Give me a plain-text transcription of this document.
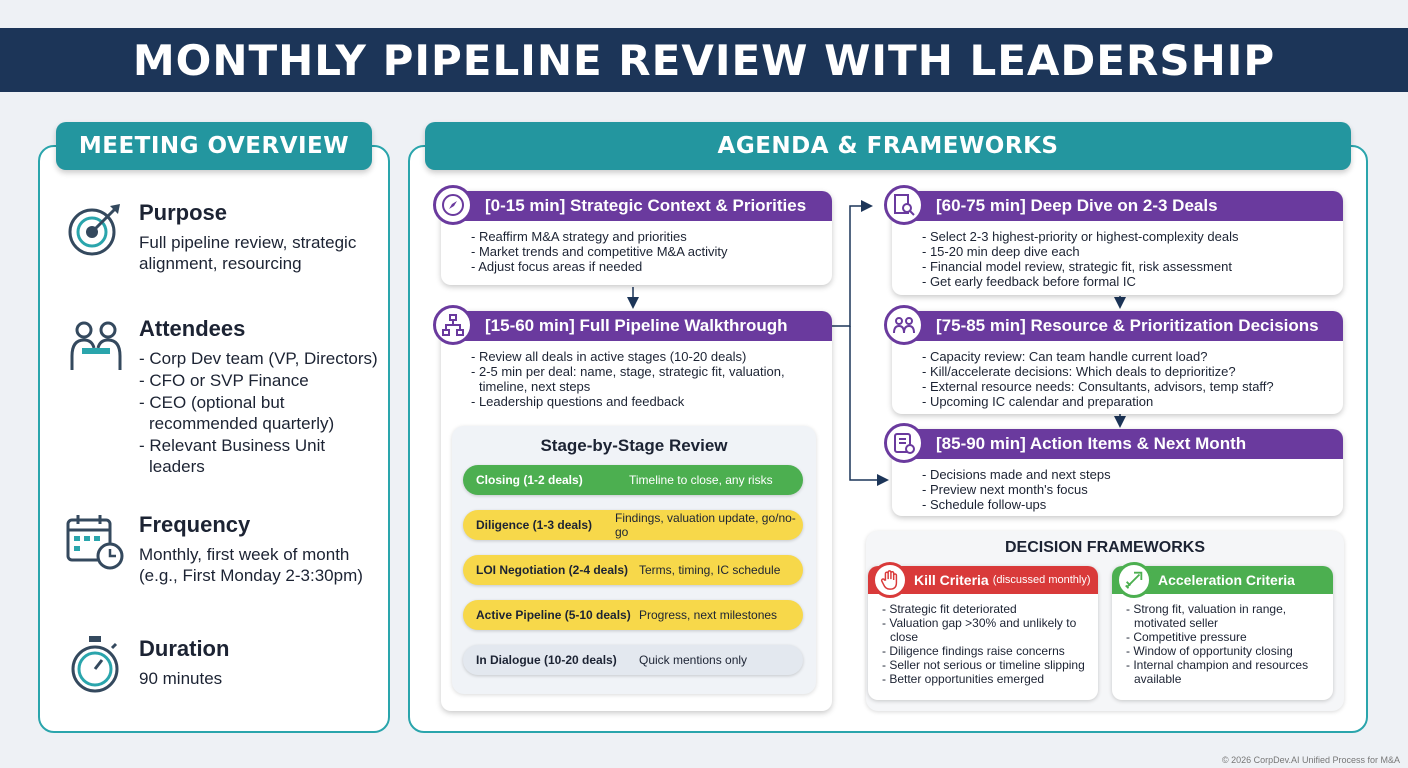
MONTHLY PIPELINE REVIEW WITH LEADERSHIP
MEETING OVERVIEW
Purpose
Full pipeline review, strategic
alignment, resourcing
Attendees
- Corp Dev team (VP, Directors)
- CFO or SVP Finance
- CEO (optional but recommended quarterly)
- Relevant Business Unit leaders
Frequency
Monthly, first week of month
(e.g., First Monday 2-3:30pm)
Duration
90 minutes
AGENDA & FRAMEWORKS
[0-15 min] Strategic Context & Priorities
- Reaffirm M&A strategy and priorities
- Market trends and competitive M&A activity
- Adjust focus areas if needed
[15-60 min] Full Pipeline Walkthrough
- Review all deals in active stages (10-20 deals)
- 2-5 min per deal: name, stage, strategic fit, valuation, timeline, next steps
- Leadership questions and feedback
Stage-by-Stage Review
Closing (1-2 deals)	Timeline to close, any risks
Diligence (1-3 deals) Findings, valuation update, go/no-go
LOI Negotiation (2-4 deals) Terms, timing, IC schedule
Active Pipeline (5-10 deals) Progress, next milestones
In Dialogue (10-20 deals) Quick mentions only
[60-75 min] Deep Dive on 2-3 Deals
- Select 2-3 highest-priority or highest-complexity deals
- 15-20 min deep dive each
- Financial model review, strategic fit, risk assessment
- Get early feedback before formal IC
[75-85 min] Resource & Prioritization Decisions
- Capacity review: Can team handle current load?
- Kill/accelerate decisions: Which deals to deprioritize?
- External resource needs: Consultants, advisors, temp staff?
- Upcoming IC calendar and preparation
[85-90 min] Action Items & Next Month
- Decisions made and next steps
- Preview next month's focus
- Schedule follow-ups
DECISION FRAMEWORKS
Kill Criteria (discussed monthly)
- Strategic fit deteriorated
- Valuation gap >30% and unlikely to close
- Diligence findings raise concerns
- Seller not serious or timeline slipping
- Better opportunities emerged
Acceleration Criteria
- Strong fit, valuation in range, motivated seller
- Competitive pressure
- Window of opportunity closing
- Internal champion and resources available
© 2026 CorpDev.AI Unified Process for M&A
